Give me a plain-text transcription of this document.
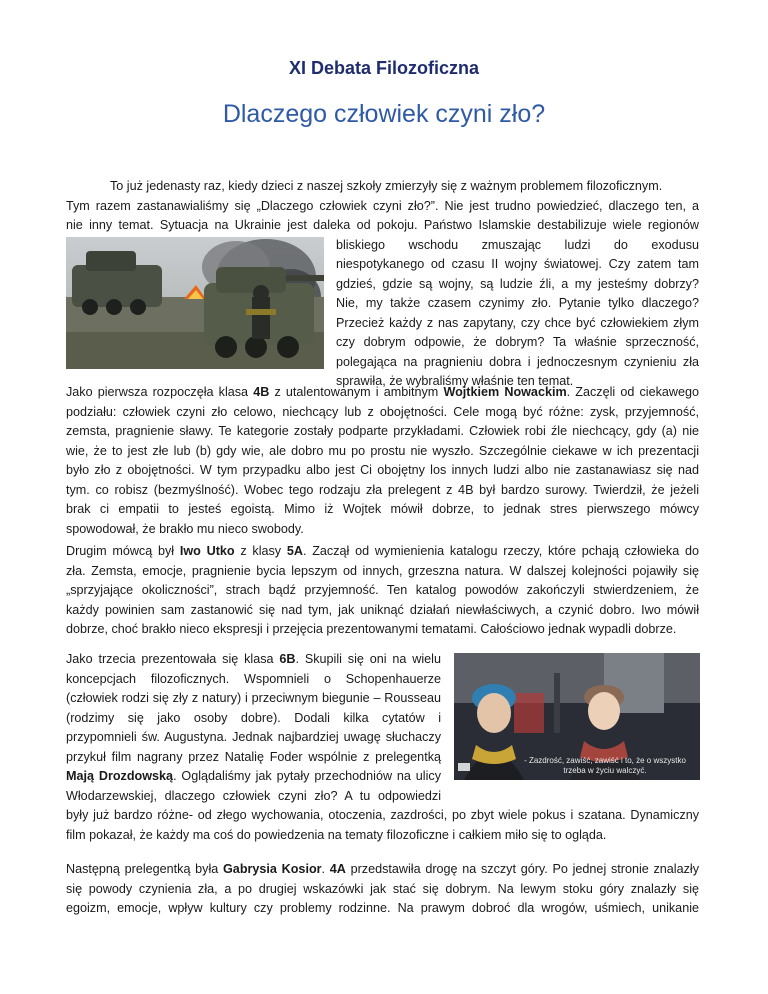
XI Debata Filozoficzna
Dlaczego człowiek czyni zło?
To już jedenasty raz, kiedy dzieci z naszej szkoły zmierzyły się z ważnym problemem filozoficznym.
Tym razem zastanawialiśmy się „Dlaczego człowiek czyni zło?”. Nie jest trudno powiedzieć, dlaczego ten, a
nie inny temat. Sytuacja na Ukrainie jest daleka od pokoju. Państwo Islamskie destabilizuje wiele regionów
bliskiego wschodu zmuszając ludzi do exodusu
niespotykanego od czasu II wojny światowej. Czy zatem tam
gdzieś, gdzie są wojny, są ludzie źli, a my jesteśmy dobrzy?
Nie, my także czasem czynimy zło. Pytanie tylko dlaczego?
Przecież każdy z nas zapytany, czy chce być człowiekiem złym
czy dobrym odpowie, że dobrym? Ta właśnie sprzeczność,
polegająca na pragnieniu dobra i jednoczesnym czynieniu zła
sprawiła, że wybraliśmy właśnie ten temat.
Jako pierwsza rozpoczęła klasa 4B z utalentowanym i ambitnym Wojtkiem Nowackim. Zaczęli od ciekawego
podziału: człowiek czyni zło celowo, niechcący lub z obojętności. Cele mogą być różne: zysk, przyjemność,
zemsta, pragnienie sławy. Te kategorie zostały podparte przykładami. Człowiek robi źle niechcący, gdy (a) nie
wie, że to jest złe lub (b) gdy wie, ale dobro mu po prostu nie wyszło. Szczególnie ciekawe w ich prezentacji
było zło z obojętności. W tym przypadku albo jest Ci obojętny los innych ludzi albo nie zastanawiasz się nad
tym. co robisz (bezmyślność). Wobec tego rodzaju zła prelegent z 4B był bardzo surowy. Twierdził, że jeżeli
brak ci empatii to jesteś egoistą. Mimo iż Wojtek mówił dobrze, to jednak stres pierwszego mówcy
spowodował, że brakło mu nieco swobody.
Drugim mówcą był Iwo Utko z klasy 5A. Zaczął od wymienienia katalogu rzeczy, które pchają człowieka do
zła. Zemsta, emocje, pragnienie bycia lepszym od innych, grzeszna natura. W dalszej kolejności pojawiły się
„sprzyjające okoliczności”, strach bądź przyjemność. Ten katalog powodów zakończyli stwierdzeniem, że
każdy powinien sam zastanowić się nad tym, jak uniknąć działań niewłaściwych, a czynić dobro. Iwo mówił
dobrze, choć brakło nieco ekspresji i przejęcia prezentowanymi tematami. Całościowo jednak wypadli dobrze.
Jako trzecia prezentowała się klasa 6B. Skupili się oni na wielu
koncepcjach filozoficznych. Wspomnieli o Schopenhauerze
(człowiek rodzi się zły z natury) i przeciwnym biegunie – Rousseau
(rodzimy się jako osoby dobre). Dodali kilka cytatów i
przypomnieli św. Augustyna. Jednak najbardziej uwagę słuchaczy
przykuł film nagrany przez Natalię Foder wspólnie z prelegentką
Mają Drozdowską. Oglądaliśmy jak pytały przechodniów na ulicy
Włodarzewskiej, dlaczego człowiek czyni zło? A tu odpowiedzi
były już bardzo różne- od złego wychowania, otoczenia, zazdrości, po zbyt wiele pokus i szatana. Dynamiczny
film pokazał, że każdy ma coś do powiedzenia na tematy filozoficzne i całkiem miło się to ogląda.
- Zazdrość, zawiść, zawiść i to, że o wszystko
trzeba w życiu walczyć.
Następną prelegentką była Gabrysia Kosior. 4A przedstawiła drogę na szczyt góry. Po jednej stronie znalazły
się powody czynienia zła, a po drugiej wskazówki jak stać się dobrym. Na lewym stoku góry znalazły się
egoizm, emocje, wpływ kultury czy problemy rodzinne. Na prawym dobroć dla wrogów, uśmiech, unikanie
